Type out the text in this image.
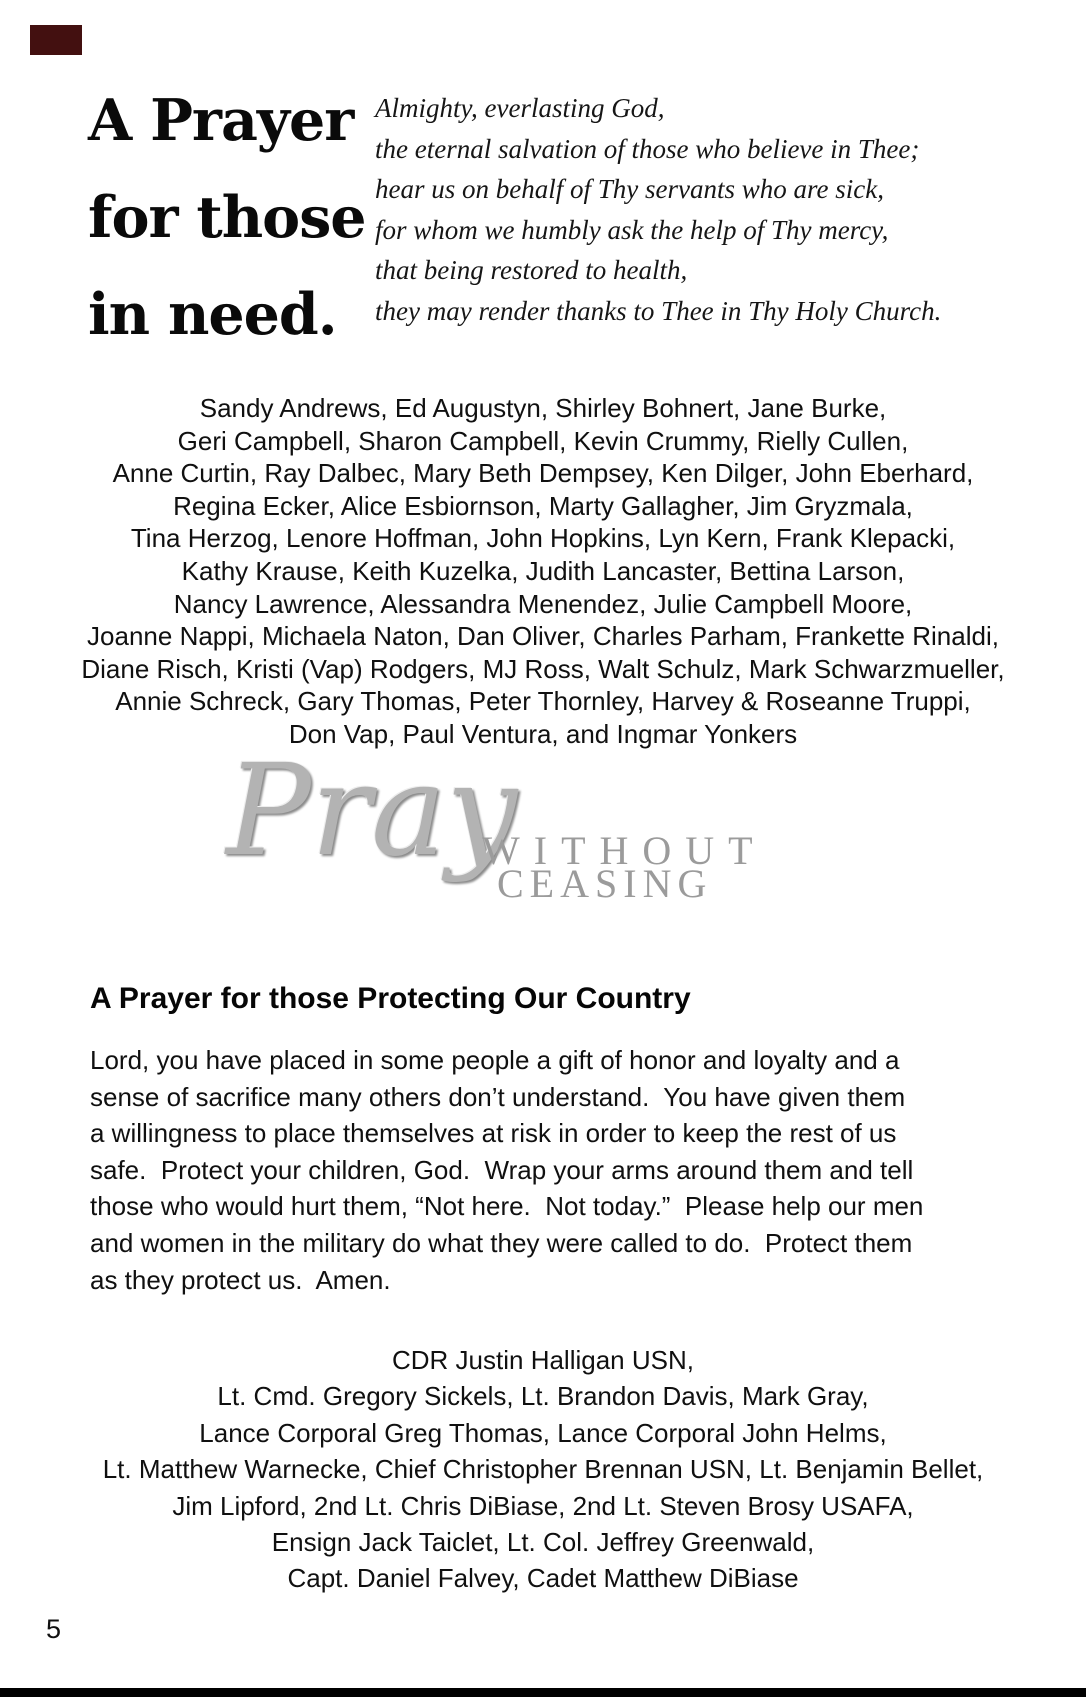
A Prayer
for those
in need.
Almighty, everlasting God,
the eternal salvation of those who believe in Thee;
hear us on behalf of Thy servants who are sick,
for whom we humbly ask the help of Thy mercy,
that being restored to health,
they may render thanks to Thee in Thy Holy Church.
Sandy Andrews, Ed Augustyn, Shirley Bohnert, Jane Burke,
Geri Campbell, Sharon Campbell, Kevin Crummy, Rielly Cullen,
Anne Curtin, Ray Dalbec, Mary Beth Dempsey, Ken Dilger, John Eberhard,
Regina Ecker, Alice Esbiornson, Marty Gallagher, Jim Gryzmala,
Tina Herzog, Lenore Hoffman, John Hopkins, Lyn Kern, Frank Klepacki,
Kathy Krause, Keith Kuzelka, Judith Lancaster, Bettina Larson,
Nancy Lawrence, Alessandra Menendez, Julie Campbell Moore,
Joanne Nappi, Michaela Naton, Dan Oliver, Charles Parham, Frankette Rinaldi,
Diane Risch, Kristi (Vap) Rodgers, MJ Ross, Walt Schulz, Mark Schwarzmueller,
Annie Schreck, Gary Thomas, Peter Thornley, Harvey & Roseanne Truppi,
Don Vap, Paul Ventura, and Ingmar Yonkers
Pray
WITHOUT
CEASING
A Prayer for those Protecting Our Country
Lord, you have placed in some people a gift of honor and loyalty and a
sense of sacrifice many others don’t understand.  You have given them
a willingness to place themselves at risk in order to keep the rest of us
safe.  Protect your children, God.  Wrap your arms around them and tell
those who would hurt them, “Not here.  Not today.”  Please help our men
and women in the military do what they were called to do.  Protect them
as they protect us.  Amen.
CDR Justin Halligan USN,
Lt. Cmd. Gregory Sickels, Lt. Brandon Davis, Mark Gray,
Lance Corporal Greg Thomas, Lance Corporal John Helms,
Lt. Matthew Warnecke, Chief Christopher Brennan USN, Lt. Benjamin Bellet,
Jim Lipford, 2nd Lt. Chris DiBiase, 2nd Lt. Steven Brosy USAFA,
Ensign Jack Taiclet, Lt. Col. Jeffrey Greenwald,
Capt. Daniel Falvey, Cadet Matthew DiBiase
5
